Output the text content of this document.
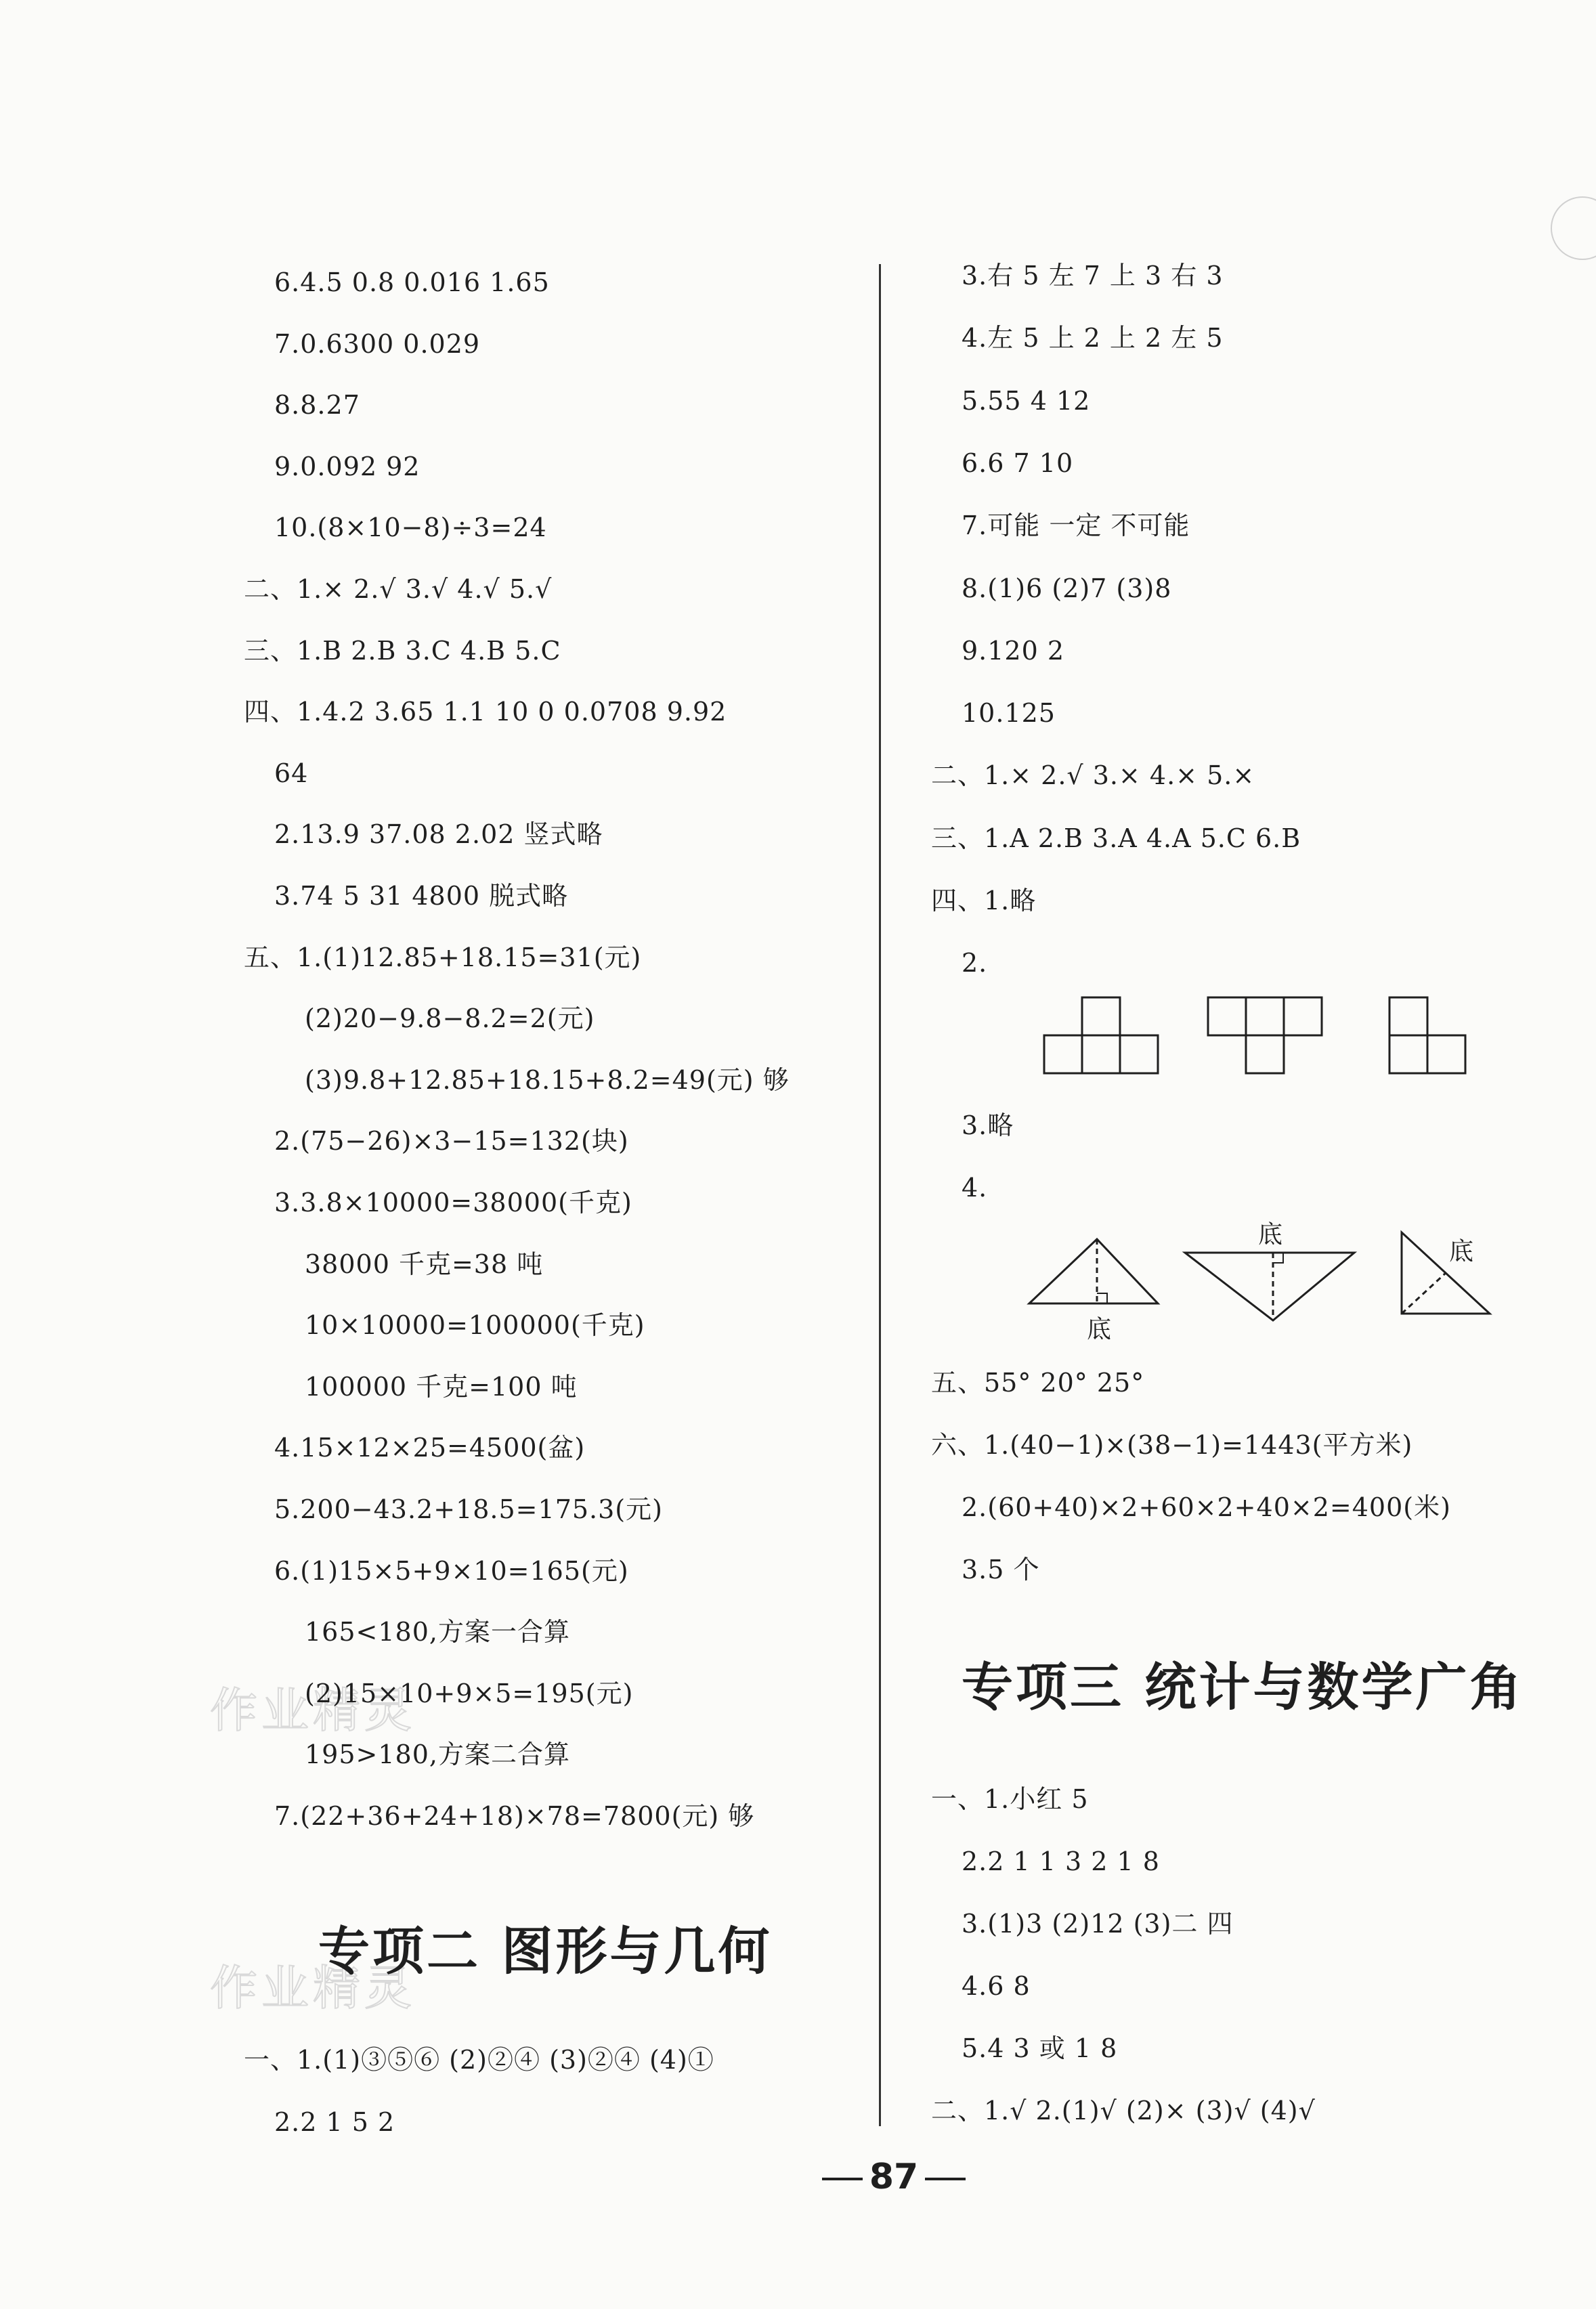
作业精灵
作业精灵
6.4.5 0.8 0.016 1.65
7.0.6300 0.029
8.8.27
9.0.092 92
10.(8×10−8)÷3=24
二、1.× 2.√ 3.√ 4.√ 5.√
三、1.B 2.B 3.C 4.B 5.C
四、1.4.2 3.65 1.1 10 0 0.0708 9.92
64
2.13.9 37.08 2.02 竖式略
3.74 5 31 4800 脱式略
五、1.(1)12.85+18.15=31(元)
(2)20−9.8−8.2=2(元)
(3)9.8+12.85+18.15+8.2=49(元) 够
2.(75−26)×3−15=132(块)
3.3.8×10000=38000(千克)
38000 千克=38 吨
10×10000=100000(千克)
100000 千克=100 吨
4.15×12×25=4500(盆)
5.200−43.2+18.5=175.3(元)
6.(1)15×5+9×10=165(元)
165<180,方案一合算
(2)15×10+9×5=195(元)
195>180,方案二合算
7.(22+36+24+18)×78=7800(元) 够
一、1.(1)③⑤⑥ (2)②④ (3)②④ (4)①
2.2 1 5 2
3.右 5 左 7 上 3 右 3
4.左 5 上 2 上 2 左 5
5.55 4 12
6.6 7 10
7.可能 一定 不可能
8.(1)6 (2)7 (3)8
9.120 2
10.125
二、1.× 2.√ 3.× 4.× 5.×
三、1.A 2.B 3.A 4.A 5.C 6.B
四、1.略
2.
3.略
4.
五、55° 20° 25°
六、1.(40−1)×(38−1)=1443(平方米)
2.(60+40)×2+60×2+40×2=400(米)
3.5 个
一、1.小红 5
2.2 1 1 3 2 1 8
3.(1)3 (2)12 (3)二 四
4.6 8
5.4 3 或 1 8
二、1.√ 2.(1)√ (2)× (3)√ (4)√
专项二 图形与几何
专项三 统计与数学广角
底
底
底
87
